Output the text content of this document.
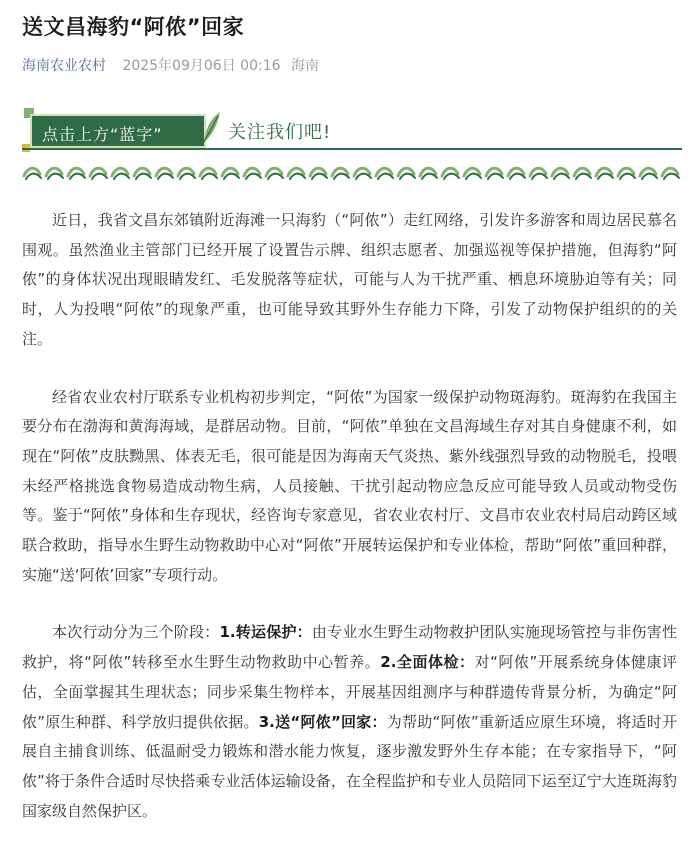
送文昌海豹“阿侬”回家
海南农业农村 2025年09月06日 00:16 海南
点击上方“蓝字”	关注我们吧!

近日，我省文昌东郊镇附近海滩一只海豹（“阿侬”）走红网络，引发许多游客和周边居民慕名围观。虽然渔业主管部门已经开展了设置告示牌、组织志愿者、加强巡视等保护措施，但海豹“阿侬”的身体状况出现眼睛发红、毛发脱落等症状，可能与人为干扰严重、栖息环境胁迫等有关；同时，人为投喂“阿侬”的现象严重，也可能导致其野外生存能力下降，引发了动物保护组织的的关注。

经省农业农村厅联系专业机构初步判定，“阿侬”为国家一级保护动物斑海豹。斑海豹在我国主要分布在渤海和黄海海域，是群居动物。目前，“阿侬”单独在文昌海域生存对其自身健康不利，如现在“阿侬”皮肤黝黑、体表无毛，很可能是因为海南天气炎热、紫外线强烈导致的动物脱毛，投喂未经严格挑选食物易造成动物生病，人员接触、干扰引起动物应急反应可能导致人员或动物受伤等。鉴于“阿侬”身体和生存现状，经咨询专家意见，省农业农村厅、文昌市农业农村局启动跨区域联合救助，指导水生野生动物救助中心对“阿侬”开展转运保护和专业体检，帮助“阿侬”重回种群，实施“送‘阿侬’回家”专项行动。

本次行动分为三个阶段：1.转运保护：由专业水生野生动物救护团队实施现场管控与非伤害性救护，将“阿侬”转移至水生野生动物救助中心暂养。2.全面体检：对“阿侬”开展系统身体健康评估，全面掌握其生理状态；同步采集生物样本，开展基因组测序与种群遗传背景分析，为确定“阿侬”原生种群、科学放归提供依据。3.送“阿侬”回家：为帮助“阿侬”重新适应原生环境，将适时开展自主捕食训练、低温耐受力锻炼和潜水能力恢复，逐步激发野外生存本能；在专家指导下，“阿侬”将于条件合适时尽快搭乘专业活体运输设备，在全程监护和专业人员陪同下运至辽宁大连斑海豹国家级自然保护区。
